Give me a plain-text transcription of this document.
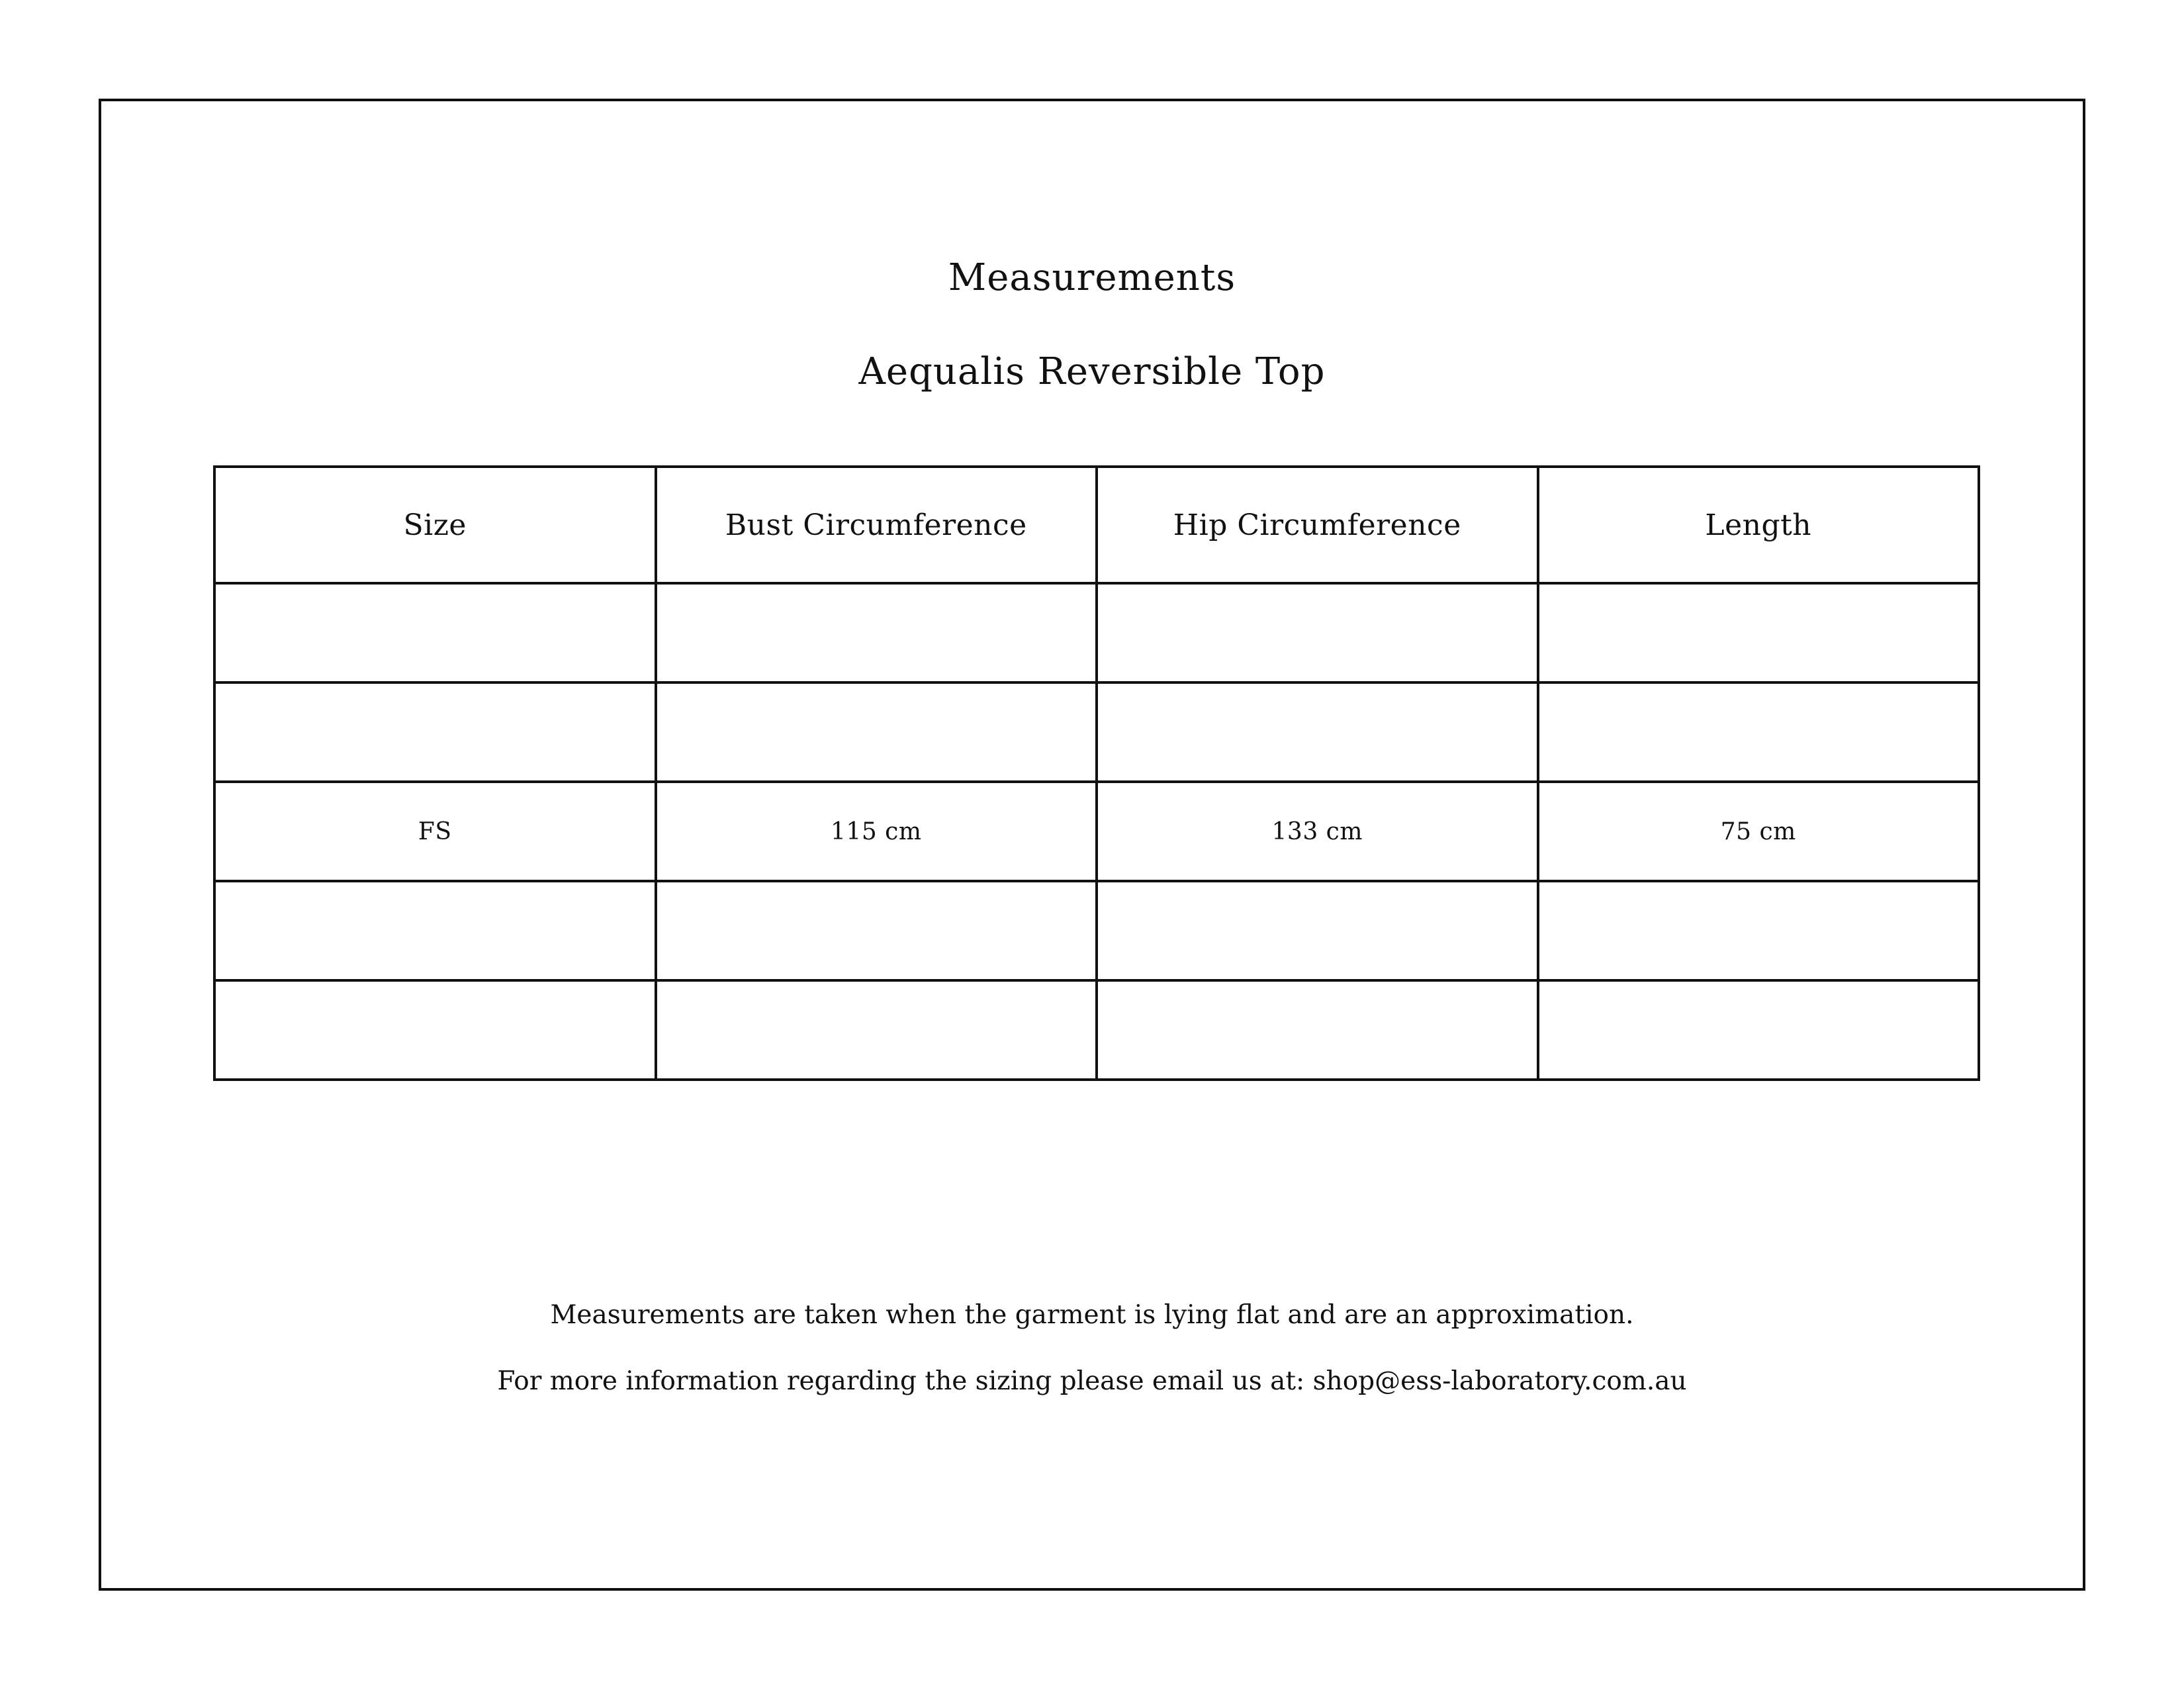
Measurements
Aequalis Reversible Top
Size	Bust Circumference	Hip Circumference	Length

FS	115 cm	133 cm	75 cm

Measurements are taken when the garment is lying flat and are an approximation.
For more information regarding the sizing please email us at: shop@ess-laboratory.com.au
